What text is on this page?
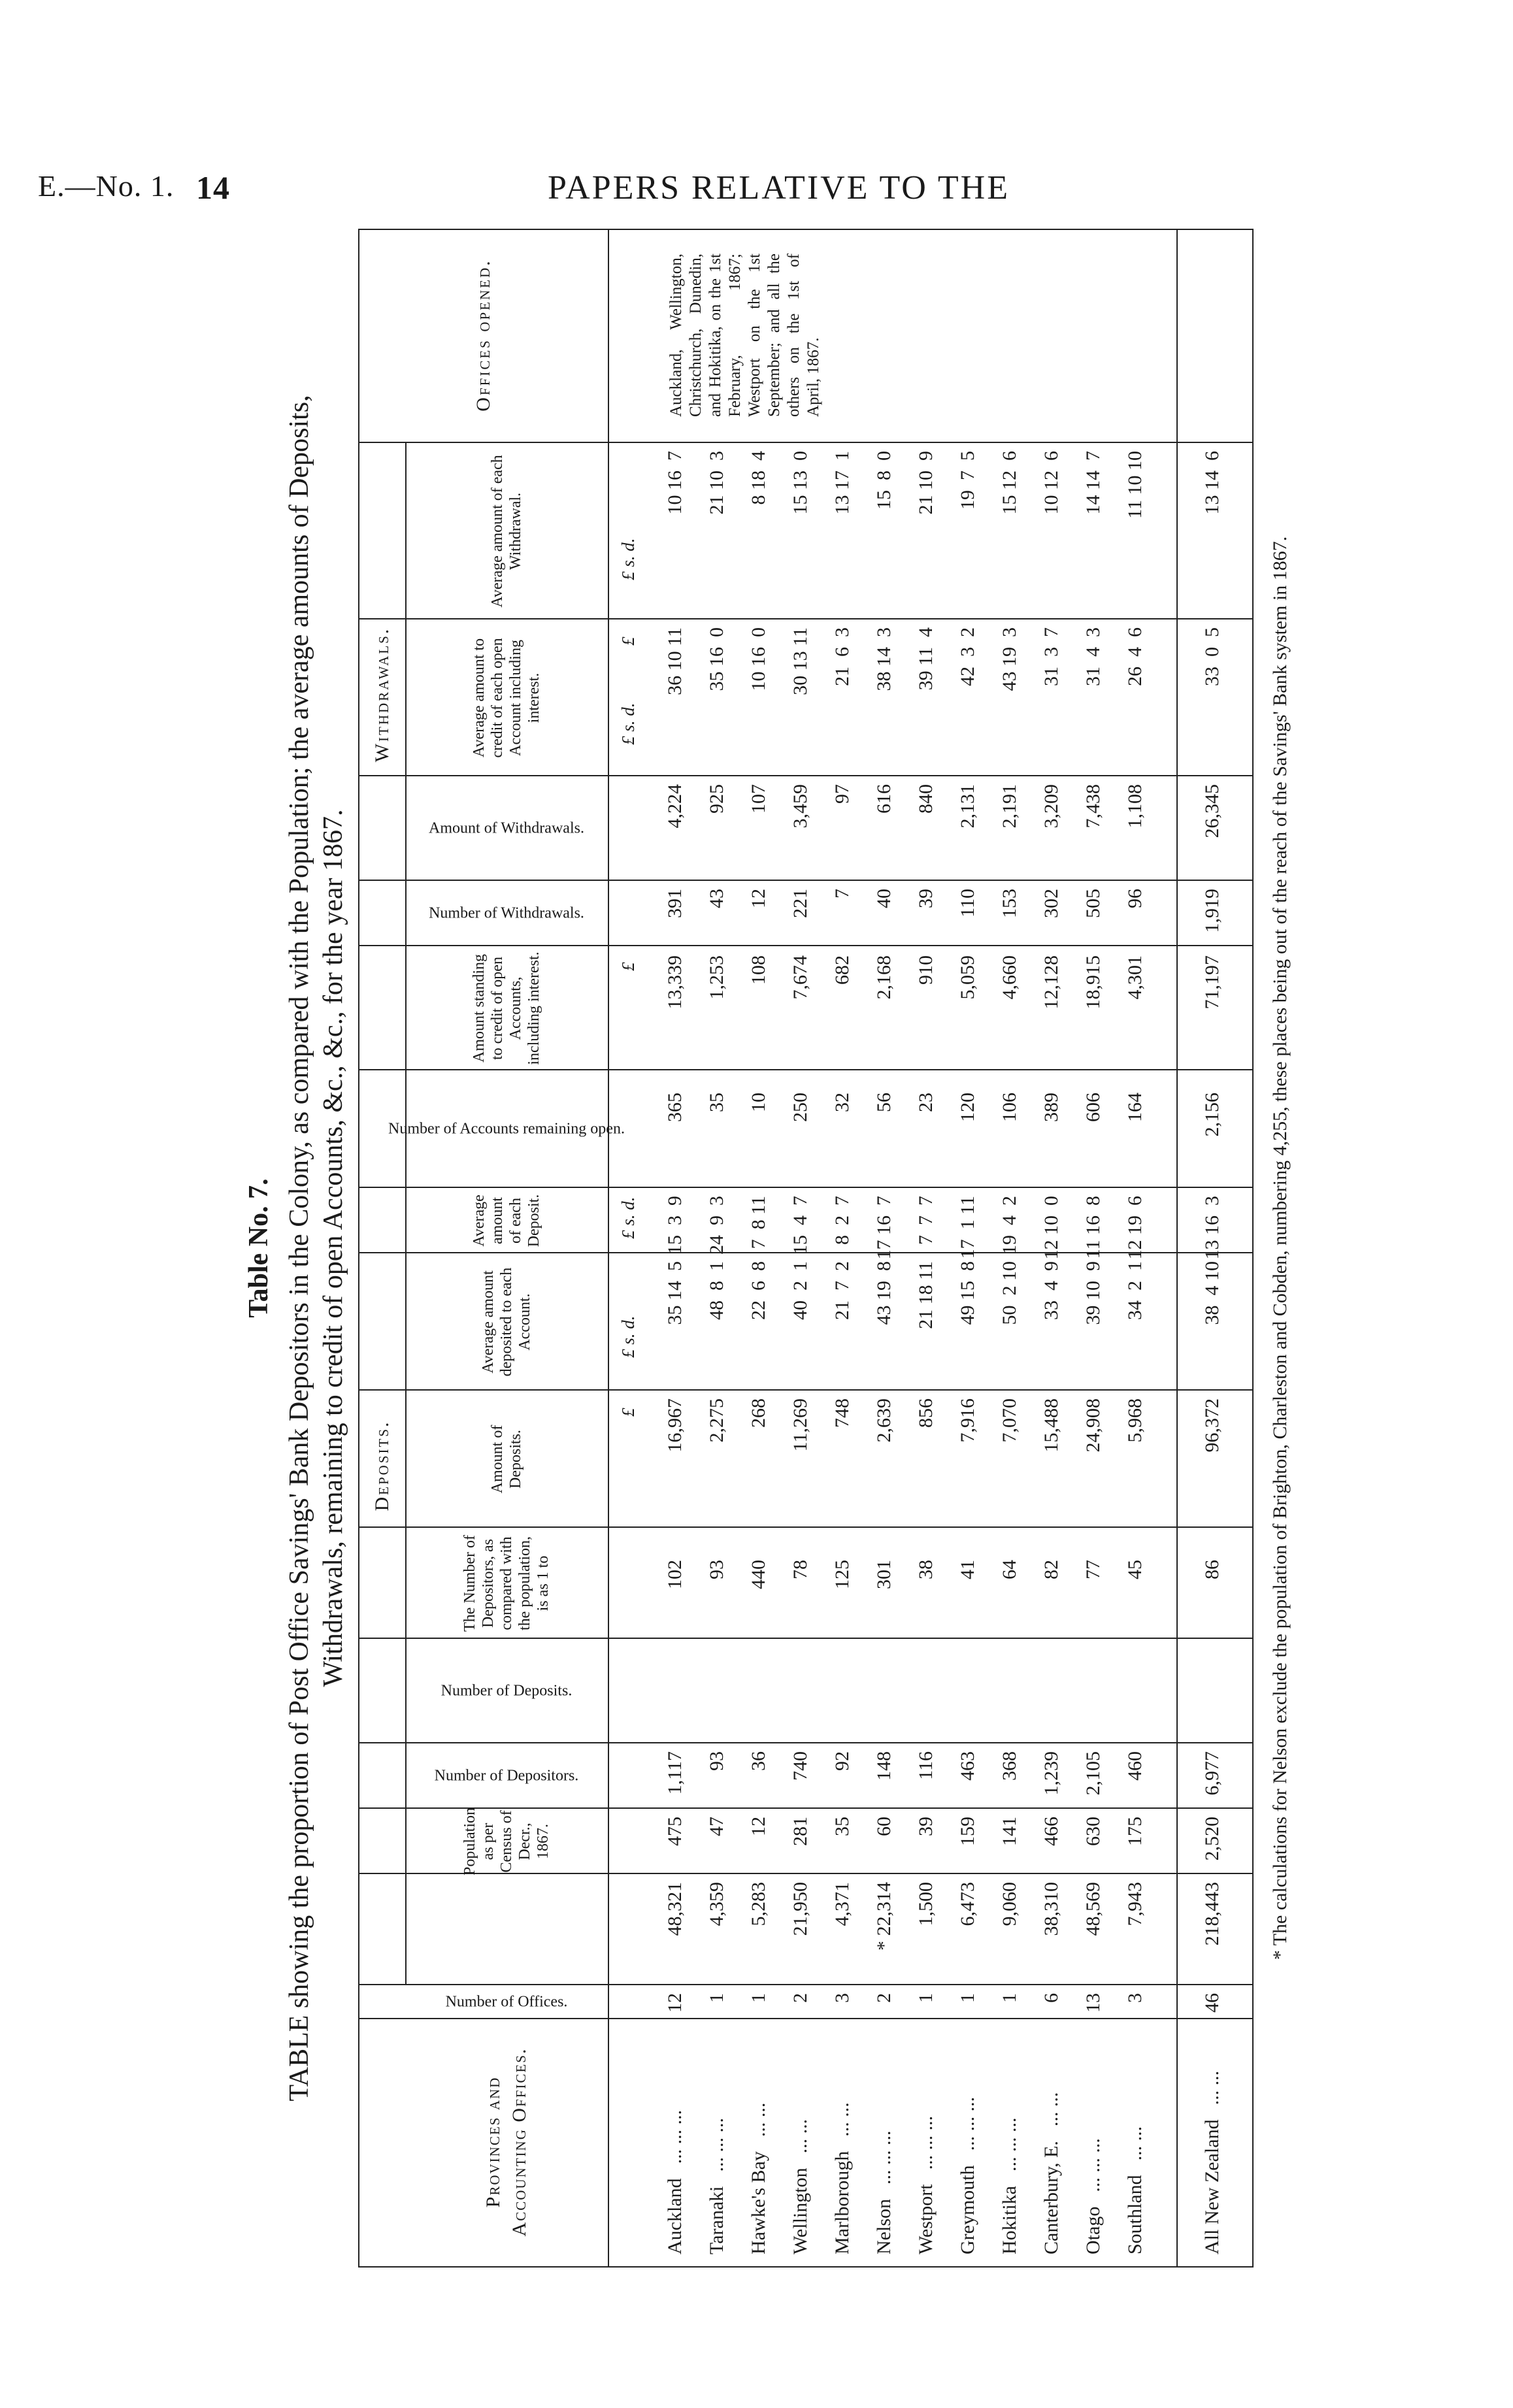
E.—No. 1. 14	PAPERS RELATIVE TO THE
Table No. 7. TABLE showing the proportion of Post Office Savings' Bank Depositors in the Colony, as compared with the Population; the average amounts of Deposits, Withdrawals, remaining to credit of open Accounts, &c., &c., for the year 1867. Deposits.
Withdrawals.
Provinces and Accounting Offices.
Number of Offices.
Population as per Census of Decr., 1867.
Number of Depositors.
Number of Deposits.
The Number of Depositors, as compared with the population, is as 1 to
Amount of Deposits.
Average amount deposited to each Account.
Average amount of each Deposit.
Number of Accounts remaining open.
Amount standing to credit of open Accounts, including interest.
Number of Withdrawals.
Amount of Withdrawals.
Average amount to credit of each open Account including interest.
Average amount of each Withdrawal.
Offices opened.
£
£ s. d.
£ s. d.
£
£ s. d.
£
£ s. d.
Auckland... ... ...
12
48,321
475
1,117
102
16,967
35 14  5
15  3  9
365
13,339
391
4,224
36 10 11
10 16  7
Taranaki... ... ...
1
4,359
47
93
93
2,275
48  8  1
24  9  3
35
1,253
43
925
35 16  0
21 10  3
Hawke's Bay... ...
1
5,283
12
36
440
268
22  6  8
7  8 11
10
108
12
107
10 16  0
8 18  4
Wellington... ...
2
21,950
281
740
78
11,269
40  2  1
15  4  7
250
7,674
221
3,459
30 13 11
15 13  0
Marlborough... ...
3
4,371
35
92
125
748
21  7  2
8  2  7
32
682
7
97
21  6  3
13 17  1
Nelson... ... ...
2
* 22,314
60
148
301
2,639
43 19  8
17 16  7
56
2,168
40
616
38 14  3
15  8  0
Westport... ... ...
1
1,500
39
116
38
856
21 18 11
7  7  7
23
910
39
840
39 11  4
21 10  9
Greymouth... ... ...
1
6,473
159
463
41
7,916
49 15  8
17  1 11
120
5,059
110
2,131
42  3  2
19  7  5
Hokitika... ... ...
1
9,060
141
368
64
7,070
50  2 10
19  4  2
106
4,660
153
2,191
43 19  3
15 12  6
Canterbury, E.... ...
6
38,310
466
1,239
82
15,488
33  4  9
12 10  0
389
12,128
302
3,209
31  3  7
10 12  6
Otago... ... ...
13
48,569
630
2,105
77
24,908
39 10  9
11 16  8
606
18,915
505
7,438
31  4  3
14 14  7
Southland... ...
3
7,943
175
460
45
5,968
34  2  1
12 19  6
164
4,301
96
1,108
26  4  6
11 10 10
All New Zealand... ...
46
218,443
2,520
6,977
86
96,372
38  4 10
13 16  3
2,156
71,197
1,919
26,345
33  0  5
13 14  6
Auckland, Wellington, Christchurch, Dunedin, and Hokitika, on the 1st February, 1867; Westport on the 1st September; and all the others on the 1st of April, 1867.
* The calculations for Nelson exclude the population of Brighton, Charleston and Cobden, numbering 4,255, these places being out of the reach of the Savings' Bank system in 1867.
